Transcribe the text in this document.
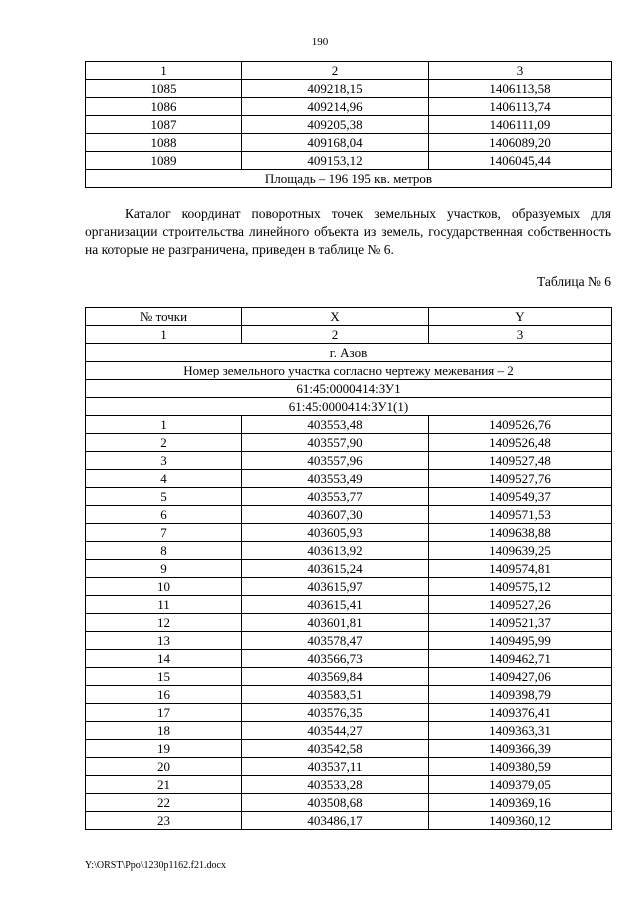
190
1	2	3
1085	409218,15	1406113,58
1086	409214,96	1406113,74
1087	409205,38	1406111,09
1088	409168,04	1406089,20
1089	409153,12	1406045,44
Площадь – 196 195 кв. метров		
Каталог координат поворотных точек земельных участков, образуемых для организации строительства линейного объекта из земель, государственная собственность на которые не разграничена, приведен в таблице № 6.
Таблица № 6
№ точки	X	Y
1	2	3
г. Азов		
Номер земельного участка согласно чертежу межевания – 2		
61:45:0000414:ЗУ1		
61:45:0000414:ЗУ1(1)		
1	403553,48	1409526,76
2	403557,90	1409526,48
3	403557,96	1409527,48
4	403553,49	1409527,76
5	403553,77	1409549,37
6	403607,30	1409571,53
7	403605,93	1409638,88
8	403613,92	1409639,25
9	403615,24	1409574,81
10	403615,97	1409575,12
11	403615,41	1409527,26
12	403601,81	1409521,37
13	403578,47	1409495,99
14	403566,73	1409462,71
15	403569,84	1409427,06
16	403583,51	1409398,79
17	403576,35	1409376,41
18	403544,27	1409363,31
19	403542,58	1409366,39
20	403537,11	1409380,59
21	403533,28	1409379,05
22	403508,68	1409369,16
23	403486,17	1409360,12
Y:\ORST\Ppo\1230p1162.f21.docx
